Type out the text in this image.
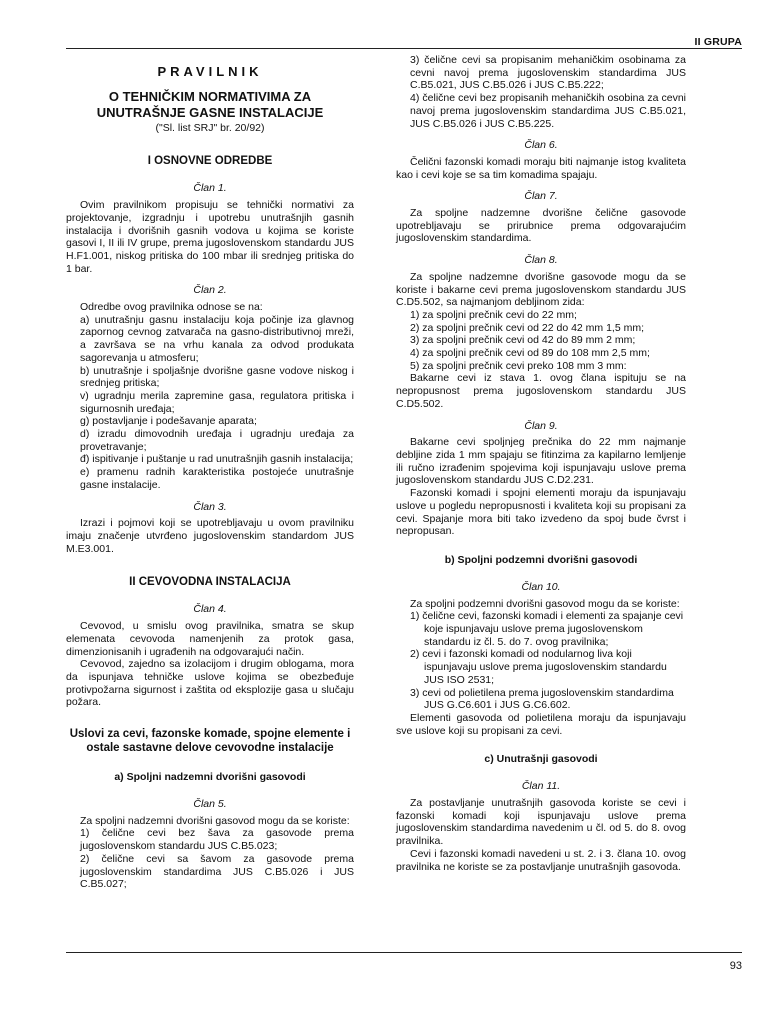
II GRUPA
PRAVILNIK
O TEHNIČKIM NORMATIVIMA ZA UNUTRAŠNJE GASNE INSTALACIJE
("Sl. list SRJ" br. 20/92)
I OSNOVNE ODREDBE
Član 1.

Ovim pravilnikom propisuju se tehnički normativi za projektovanje, izgradnju i upotrebu unutrašnjih gasnih instalacija i dvorišnih gasnih vodova u kojima se koriste gasovi I, II ili IV grupe, prema jugoslovenskom standardu JUS H.F1.001, niskog pritiska do 100 mbar ili srednjeg pritiska do 1 bar.

Član 2.

Odredbe ovog pravilnika odnose se na:

a) unutrašnju gasnu instalaciju koja počinje iza glavnog zapornog cevnog zatvarača na gasno-distributivnoj mreži, a završava se na vrhu kanala za odvod produkata sagorevanja u atmosferu;

b) unutrašnje i spoljašnje dvorišne gasne vodove niskog i srednjeg pritiska;

v) ugradnju merila zapremine gasa, regulatora pritiska i sigurnosnih uređaja;

g) postavljanje i podešavanje aparata;

d) izradu dimovodnih uređaja i ugradnju uređaja za provetravanje;

đ) ispitivanje i puštanje u rad unutrašnjih gasnih instalacija;

e) pramenu radnih karakteristika postojeće unutrašnje gasne instalacije.

Član 3.

Izrazi i pojmovi koji se upotrebljavaju u ovom pravilniku imaju značenje utvrđeno jugoslovenskim standardom JUS M.E3.001.

II CEVOVODNA INSTALACIJA
Član 4.

Cevovod, u smislu ovog pravilnika, smatra se skup elemenata cevovoda namenjenih za protok gasa, dimenzionisanih i ugrađenih na odgovarajući način.

Cevovod, zajedno sa izolacijom i drugim oblogama, mora da ispunjava tehničke uslove kojima se obezbeđuje protivpožarna sigurnost i zaštita od eksplozije gasa u slučaju požara.

Uslovi za cevi, fazonske komade, spojne elemente i ostale sastavne delove cevovodne instalacije
a) Spoljni nadzemni dvorišni gasovodi
Član 5.

Za spoljni nadzemni dvorišni gasovod mogu da se koriste:

1) čelične cevi bez šava za gasovode prema jugoslovenskom standardu JUS C.B5.023;

2) čelične cevi sa šavom za gasovode prema jugoslovenskim standardima JUS C.B5.026 i JUS C.B5.027;

3) čelične cevi sa propisanim mehaničkim osobinama za cevni navoj prema jugoslovenskim standardima JUS C.B5.021, JUS C.B5.026 i JUS C.B5.222;

4) čelične cevi bez propisanih mehaničkih osobina za cevni navoj prema jugoslovenskim standardima JUS C.B5.021, JUS C.B5.026 i JUS C.B5.225.

Član 6.

Čelični fazonski komadi moraju biti najmanje istog kvaliteta kao i cevi koje se sa tim komadima spajaju.

Član 7.

Za spoljne nadzemne dvorišne čelične gasovode upotrebljavaju se prirubnice prema odgovarajućim jugoslovenskim standardima.

Član 8.

Za spoljne nadzemne dvorišne gasovode mogu da se koriste i bakarne cevi prema jugoslovenskom standardu JUS C.D5.502, sa najmanjom debljinom zida:

1) za spoljni prečnik cevi do 22 mm;

2) za spoljni prečnik cevi od 22 do 42 mm 1,5 mm;

3) za spoljni prečnik cevi od 42 do 89 mm 2 mm;

4) za spoljni prečnik cevi od 89 do 108 mm 2,5 mm;

5) za spoljni prečnik cevi preko 108 mm 3 mm:

Bakarne cevi iz stava 1. ovog člana ispituju se na nepropusnost prema jugoslovenskom standardu JUS C.D5.502.

Član 9.

Bakarne cevi spoljnjeg prečnika do 22 mm najmanje debljine zida 1 mm spajaju se fitinzima za kapilarno lemljenje ili ručno izrađenim spojevima koji ispunjavaju uslove prema jugoslovenskom standardu JUS C.D2.231.

Fazonski komadi i spojni elementi moraju da ispunjavaju uslove u pogledu nepropusnosti i kvaliteta koji su propisani za cevi. Spajanje mora biti tako izvedeno da spoj bude čvrst i nepropusan.

b) Spoljni podzemni dvorišni gasovodi
Član 10.

Za spoljni podzemni dvorišni gasovod mogu da se koriste:

1) čelične cevi, fazonski komadi i elementi za spajanje cevi koje ispunjavaju uslove prema jugoslovenskom standardu iz čl. 5. do 7. ovog pravilnika;

2) cevi i fazonski komadi od nodularnog liva koji ispunjavaju uslove prema jugoslovenskim standardu JUS ISO 2531;

3) cevi od polietilena prema jugoslovenskim standardima JUS G.C6.601 i JUS G.C6.602.

Elementi gasovoda od polietilena moraju da ispunjavaju sve uslove koji su propisani za cevi.

c) Unutrašnji gasovodi
Član 11.

Za postavljanje unutrašnjih gasovoda koriste se cevi i fazonski komadi koji ispunjavaju uslove prema jugoslovenskim standardima navedenim u čl. od 5. do 8. ovog pravilnika.

Cevi i fazonski komadi navedeni u st. 2. i 3. člana 10. ovog pravilnika ne koriste se za postavljanje unutrašnjih gasovoda.

93
